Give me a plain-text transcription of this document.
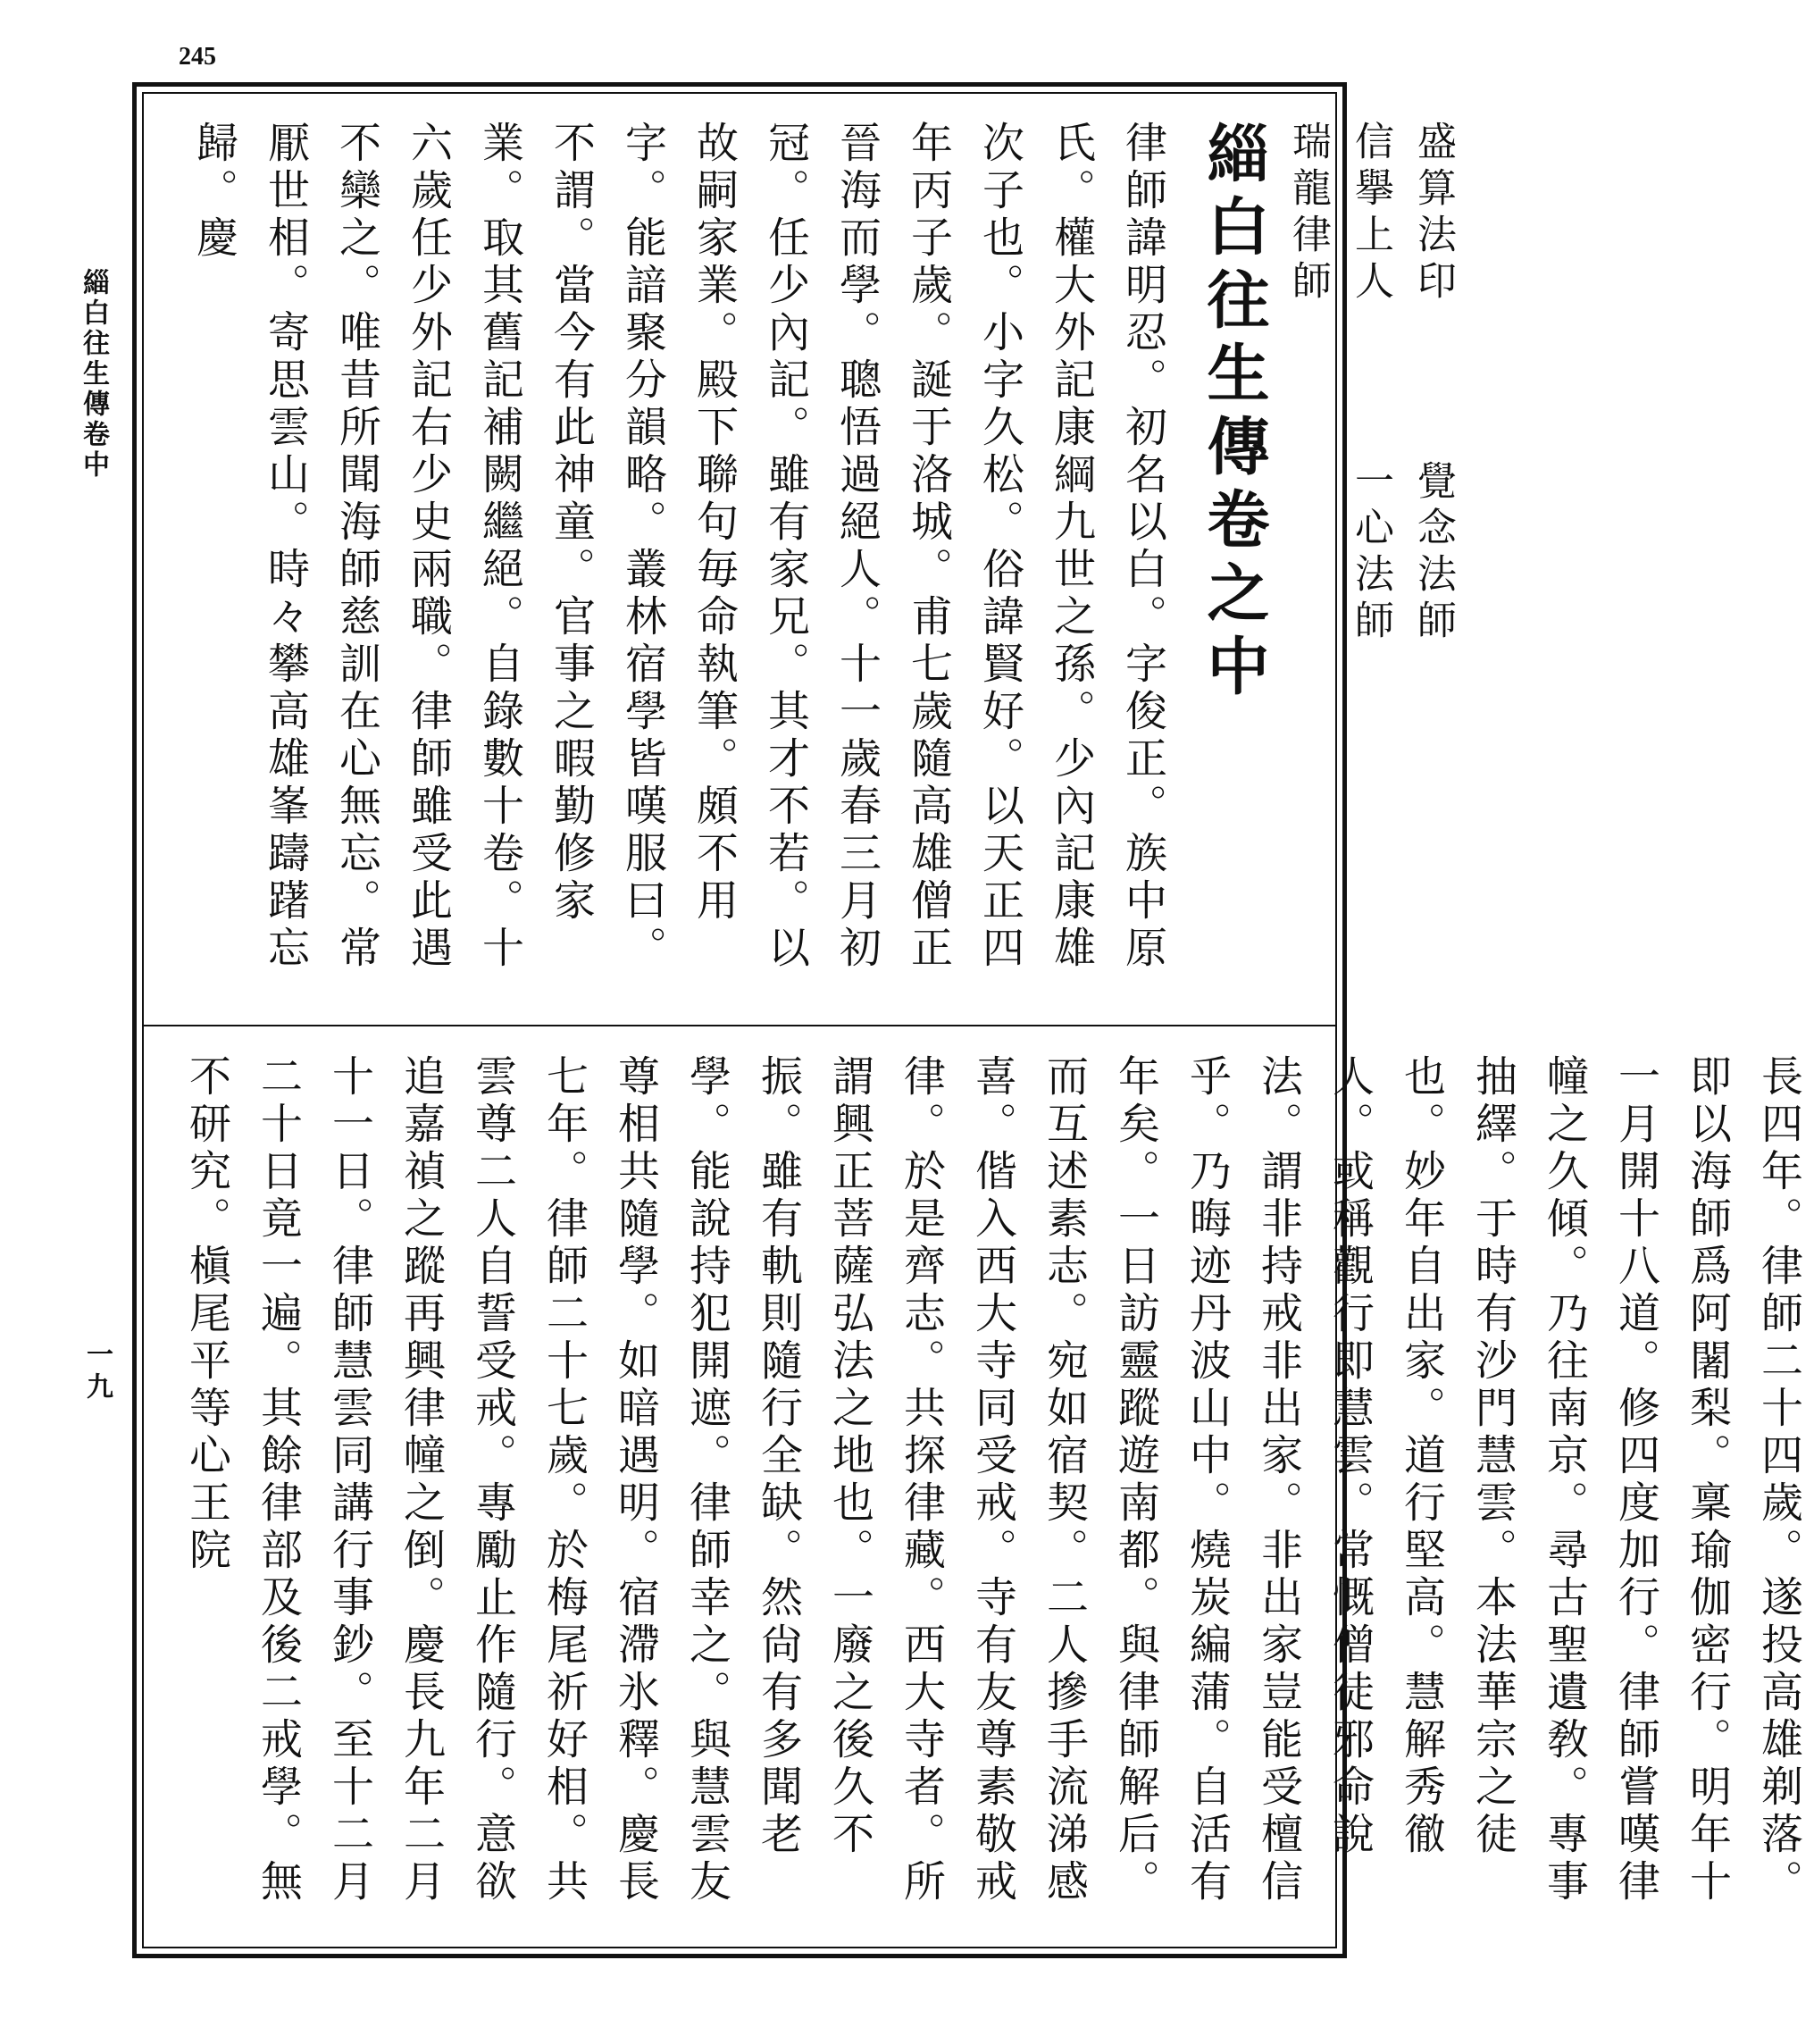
245
緇白往生傳卷中
一九
盛算法印覺念法師
信擧上人一心法師
瑞龍律師 緇白往生傳卷之中 律師諱明忍。初名以白。字俊正。族中原氏。權大外記康綱九世之孫。少內記康雄次子也。小字久松。俗諱賢好。以天正四年丙子歲。誕于洛城。甫七歲隨高雄僧正晉海而學。聰悟過絕人。十一歲春三月初冠。任少內記。雖有家兄。其才不若。以故嗣家業。殿下聯句毎命執筆。頗不用字。能諳聚分韻略。叢林宿學皆嘆服曰。不謂。當今有此神童。官事之暇勤修家業。取其舊記補闕繼絕。自錄數十卷。十六歲任少外記右少史兩職。律師雖受此遇不欒之。唯昔所聞海師慈訓在心無忘。常厭世相。寄思雲山。時々攀高雄峯躊躇忘歸。慶
長四年。律師二十四歲。遂投高雄剃落。即以海師爲阿闍梨。稟瑜伽密行。明年十一月開十八道。修四度加行。律師嘗嘆律幢之久傾。乃往南京。尋古聖遺敎。專事抽繹。于時有沙門慧雲。本法華宗之徒也。妙年自出家。道行堅高。慧解秀徹人。或稱觀行即慧雲。常慨僧徒邪命說法。謂非持戒非出家。非出家豈能受檀信乎。乃晦迹丹波山中。燒炭編蒲。自活有年矣。一日訪靈蹤遊南都。與律師解后。而互述素志。宛如宿契。二人摻手流涕感喜。偕入西大寺同受戒。寺有友尊素敬戒律。於是齊志。共探律藏。西大寺者。所謂興正菩薩弘法之地也。一廢之後久不振。雖有軌則隨行全缺。然尙有多聞老學。能說持犯開遮。律師幸之。與慧雲友尊相共隨學。如暗遇明。宿滯氷釋。慶長七年。律師二十七歲。於梅尾祈好相。共雲尊二人自誓受戒。專勵止作隨行。意欲追嘉禎之蹤再興律幢之倒。慶長九年二月十一日。律師慧雲同講行事鈔。至十二月二十日竟一遍。其餘律部及後二戒學。無不研究。槇尾平等心王院
